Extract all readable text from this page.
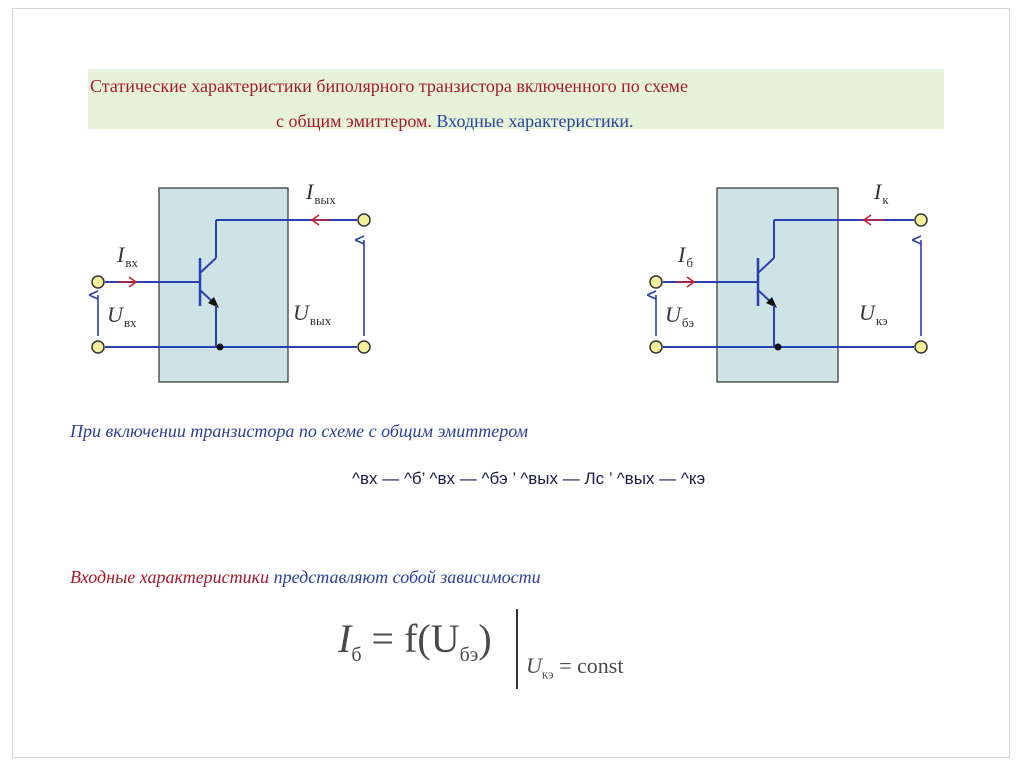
Статические характеристики биполярного транзистора включенного по схеме
с общим эмиттером. Входные характеристики.
$I_{вх}$
$U_{вх}$
$I_{вых}$
$U_{вых}$
$I_б$
$U_{бэ}$
$I_к$
$U_{кэ}$
При включении транзистора по схеме с общим эмиттером
^вх — ^б’ ^вх — ^бэ ’ ^вых — Лс ’ ^вых — ^кэ
Входные характеристики представляют собой зависимости
$I_б = f(U_{бэ})$
$U_{кэ}$ = const
